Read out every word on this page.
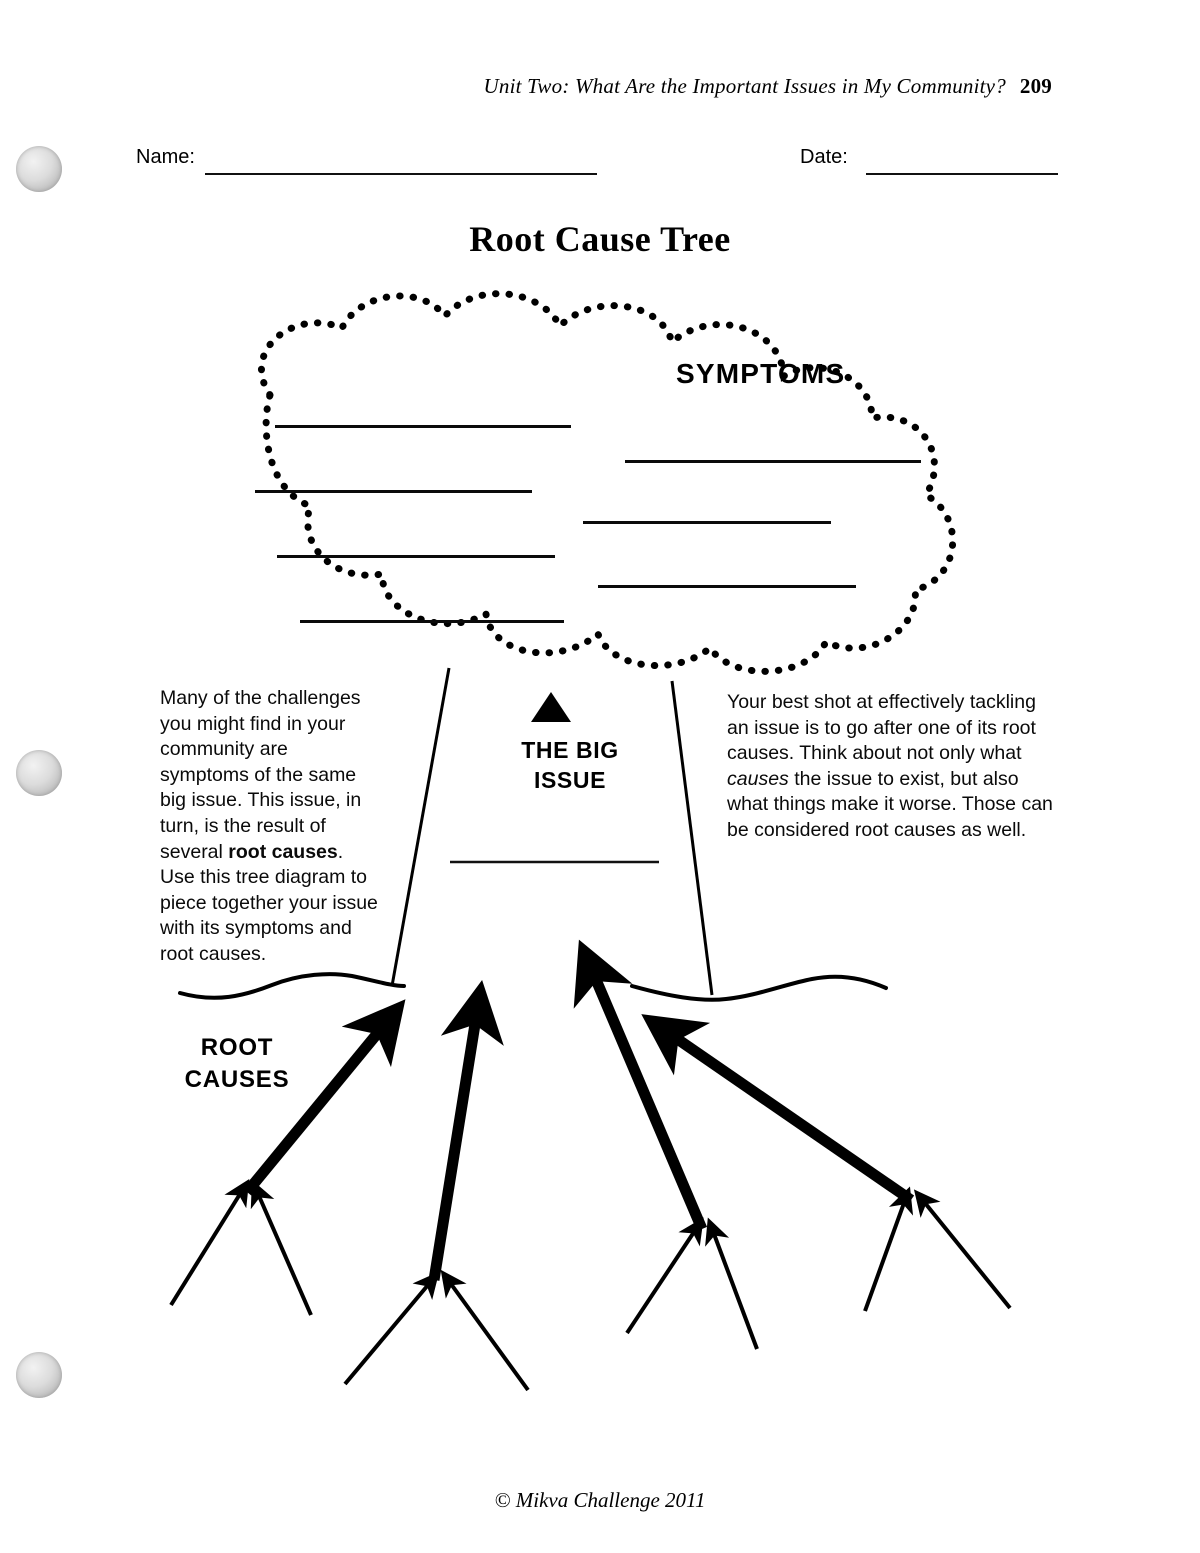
Unit Two: What Are the Important Issues in My Community? 209
Name:	Date:
Root Cause Tree
SYMPTOMS
Many of the challenges you might find in your community are symptoms of the same big issue. This issue, in turn, is the result of several root causes. Use this tree diagram to piece together your issue with its symptoms and root causes.
Your best shot at effectively tackling an issue is to go after one of its root causes. Think about not only what causes the issue to exist, but also what things make it worse. Those can be considered root causes as well.
THE BIG
ISSUE
ROOT
CAUSES
© Mikva Challenge 2011
